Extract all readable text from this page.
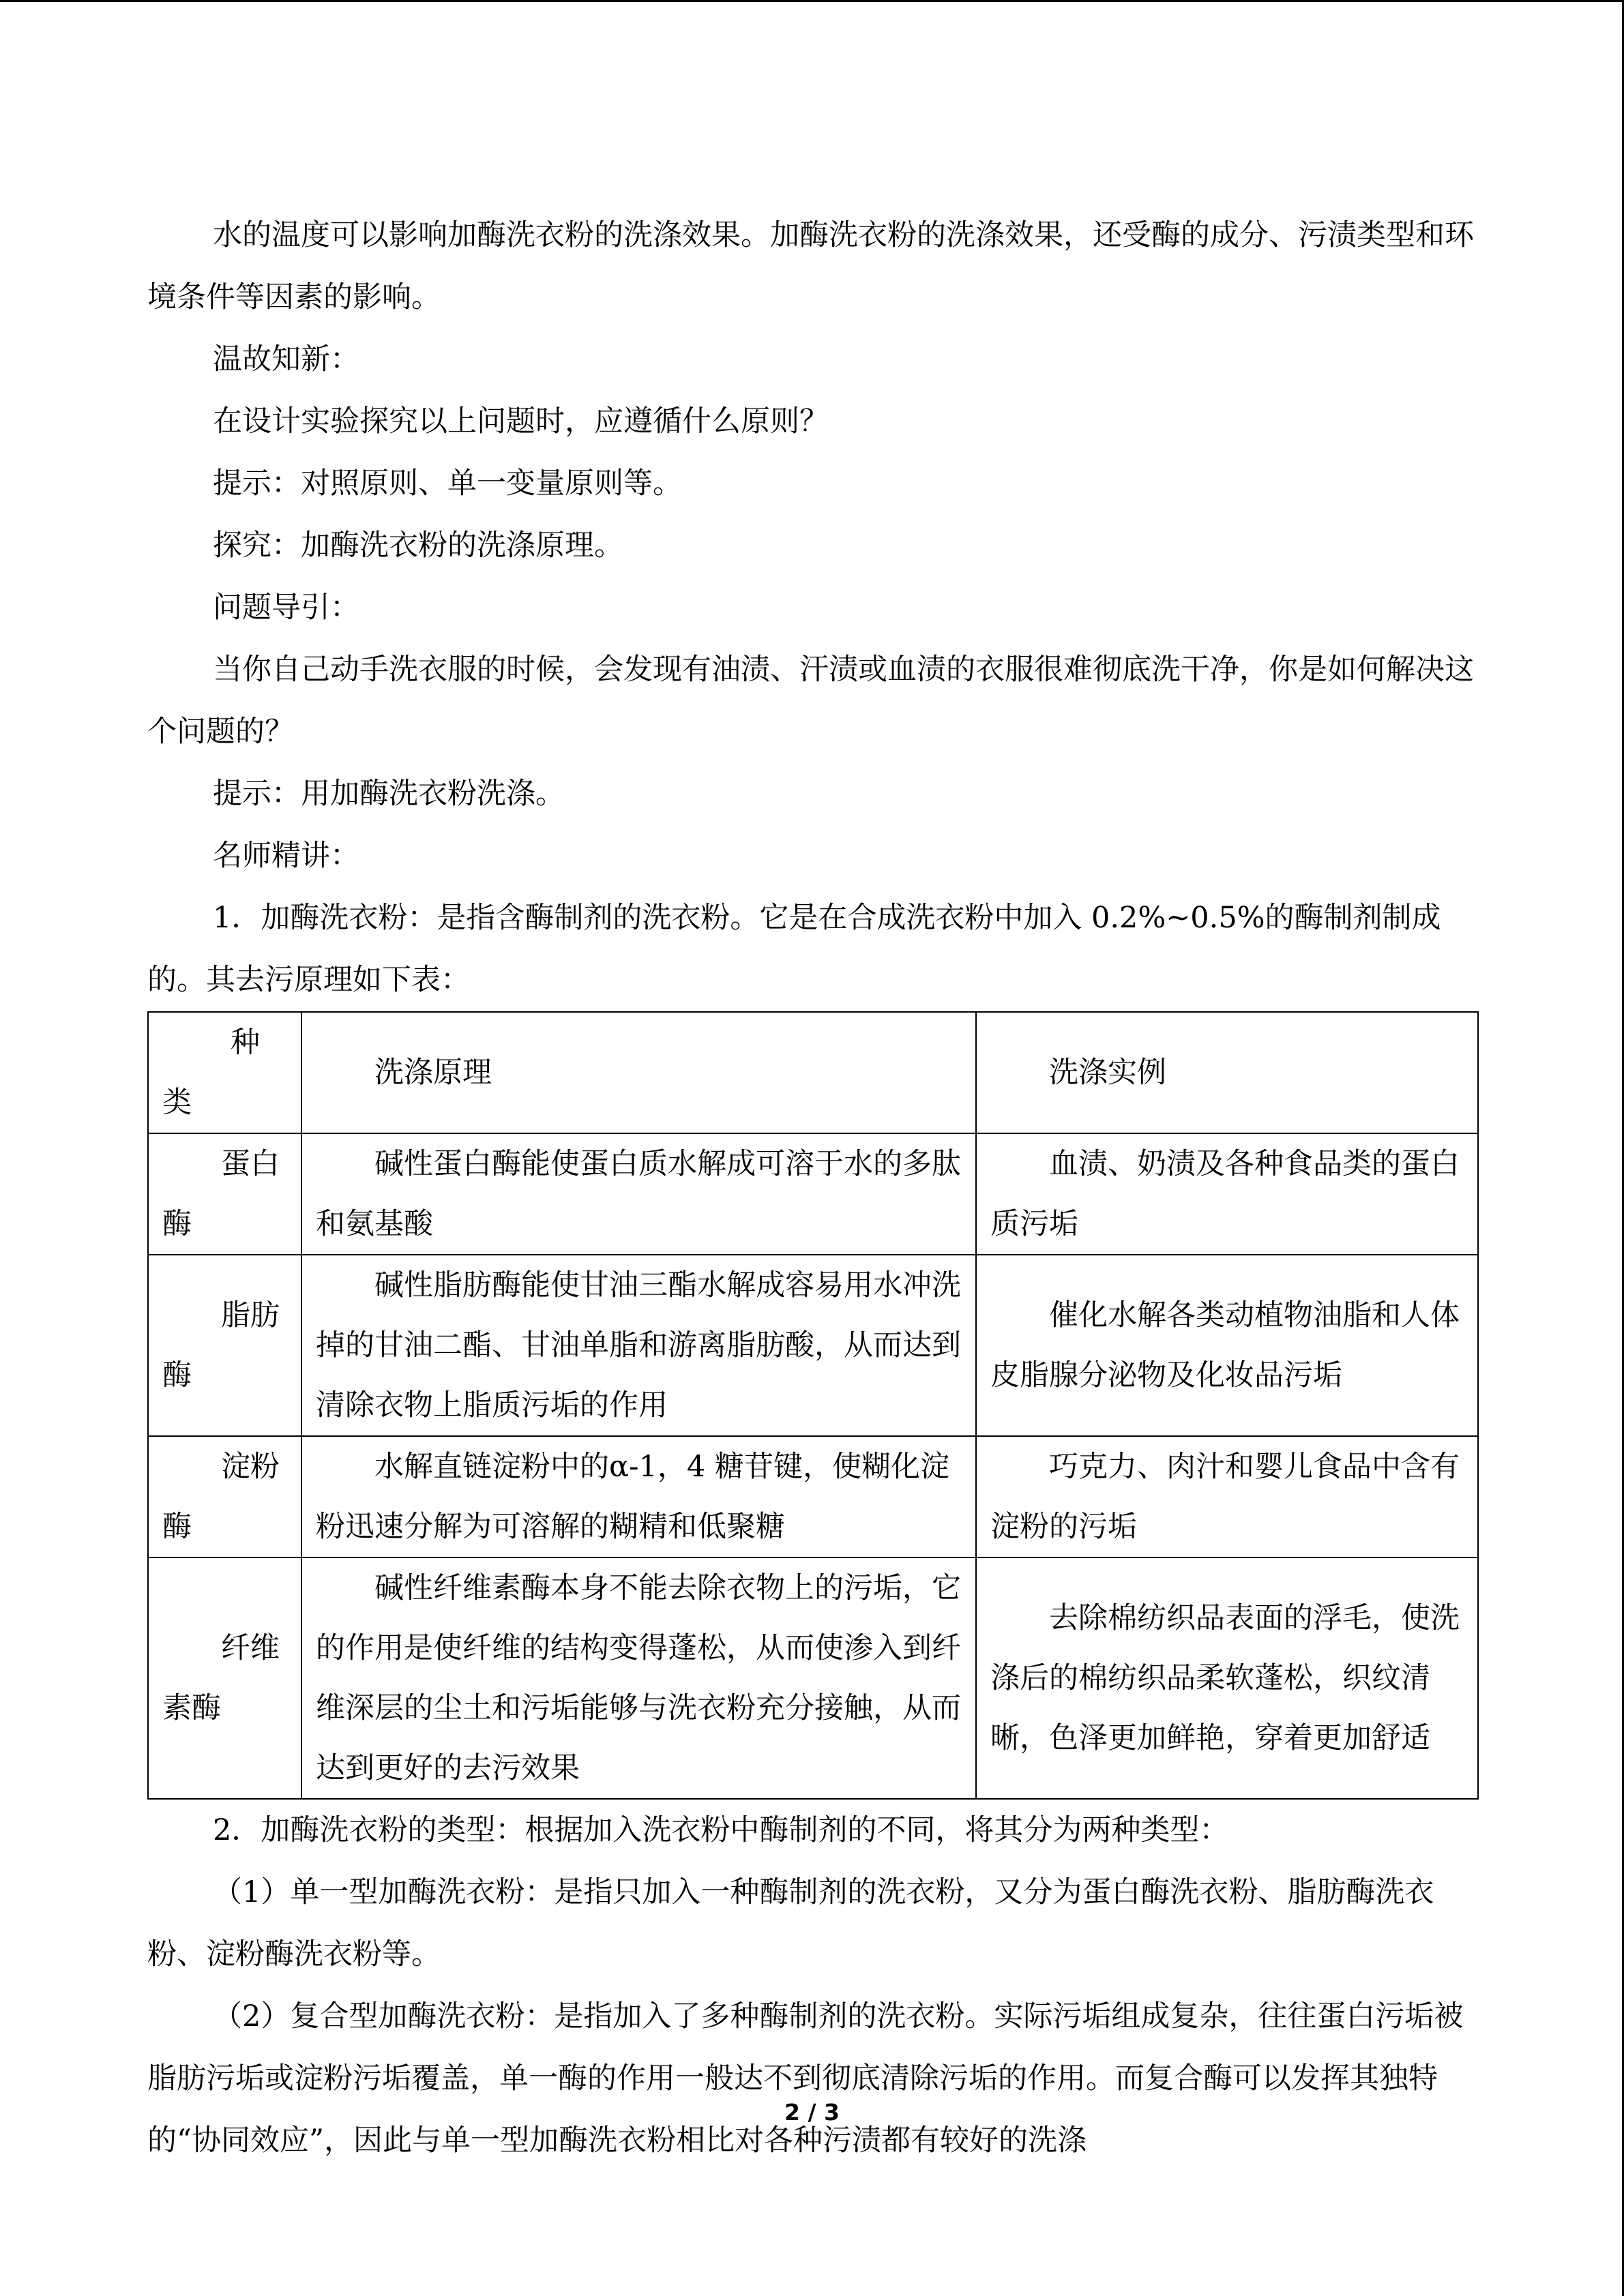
水的温度可以影响加酶洗衣粉的洗涤效果。加酶洗衣粉的洗涤效果，还受酶的成分、污渍类型和环境条件等因素的影响。

温故知新：

在设计实验探究以上问题时，应遵循什么原则？

提示：对照原则、单一变量原则等。

探究：加酶洗衣粉的洗涤原理。

问题导引：

当你自己动手洗衣服的时候，会发现有油渍、汗渍或血渍的衣服很难彻底洗干净，你是如何解决这个问题的？

提示：用加酶洗衣粉洗涤。

名师精讲：

1．加酶洗衣粉：是指含酶制剂的洗衣粉。它是在合成洗衣粉中加入 0.2%~0.5%的酶制剂制成的。其去污原理如下表：

种类	洗涤原理	洗涤实例
蛋白酶	碱性蛋白酶能使蛋白质水解成可溶于水的多肽和氨基酸	血渍、奶渍及各种食品类的蛋白质污垢
脂肪酶	碱性脂肪酶能使甘油三酯水解成容易用水冲洗掉的甘油二酯、甘油单脂和游离脂肪酸，从而达到清除衣物上脂质污垢的作用	催化水解各类动植物油脂和人体皮脂腺分泌物及化妆品污垢
淀粉酶	水解直链淀粉中的α-1，4 糖苷键，使糊化淀粉迅速分解为可溶解的糊精和低聚糖	巧克力、肉汁和婴儿食品中含有淀粉的污垢
纤维素酶	碱性纤维素酶本身不能去除衣物上的污垢，它的作用是使纤维的结构变得蓬松，从而使渗入到纤维深层的尘土和污垢能够与洗衣粉充分接触，从而达到更好的去污效果	去除棉纺织品表面的浮毛，使洗涤后的棉纺织品柔软蓬松，织纹清晰，色泽更加鲜艳，穿着更加舒适

2．加酶洗衣粉的类型：根据加入洗衣粉中酶制剂的不同，将其分为两种类型：

（1）单一型加酶洗衣粉：是指只加入一种酶制剂的洗衣粉，又分为蛋白酶洗衣粉、脂肪酶洗衣粉、淀粉酶洗衣粉等。

（2）复合型加酶洗衣粉：是指加入了多种酶制剂的洗衣粉。实际污垢组成复杂，往往蛋白污垢被脂肪污垢或淀粉污垢覆盖，单一酶的作用一般达不到彻底清除污垢的作用。而复合酶可以发挥其独特的“协同效应”，因此与单一型加酶洗衣粉相比对各种污渍都有较好的洗涤

2 / 3
